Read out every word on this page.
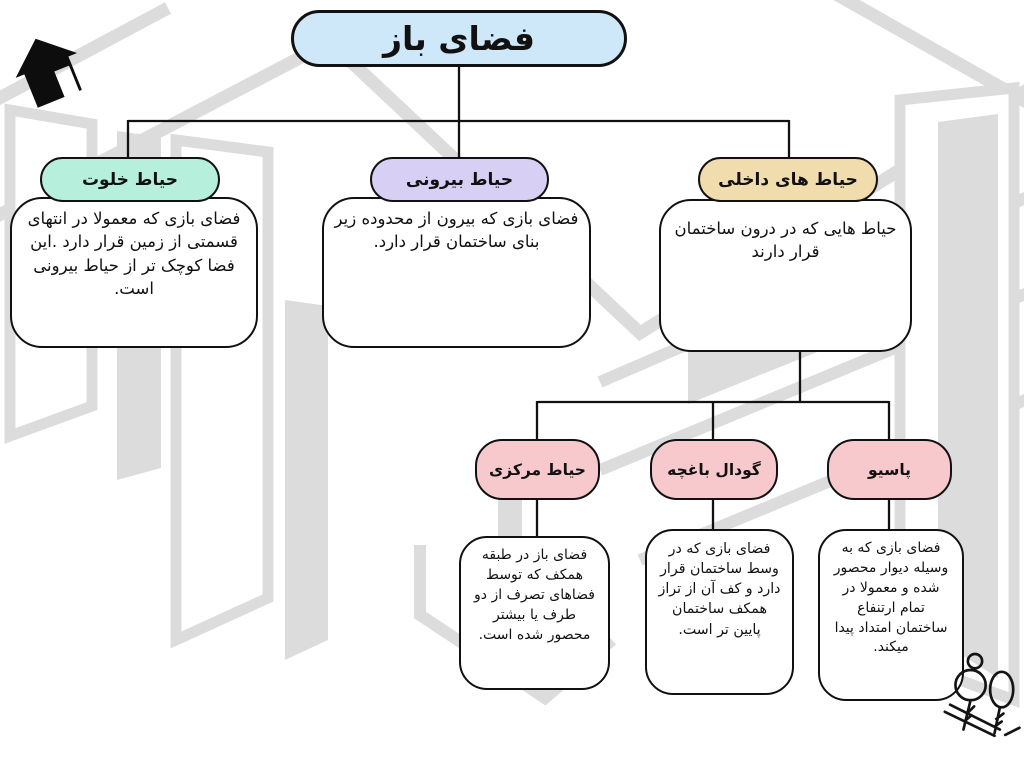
فضای باز
حیاط خلوت	حیاط بیرونی	حیاط های داخلی
فضای بازی که معمولا در انتهای قسمتی از زمین قرار دارد .این فضا کوچک تر از حیاط بیرونی است.
فضای بازی که بیرون از محدوده زیر بنای ساختمان قرار دارد.
حیاط هایی که در درون ساختمان قرار دارند
حیاط مرکزی	گودال باغچه	پاسیو
فضای باز در طبقه همکف که توسط فضاهای تصرف از دو طرف یا بیشتر محصور شده است.
فضای بازی که در وسط ساختمان قرار دارد و کف آن از تراز همکف ساختمان پایین تر است.
فضای بازی که به وسیله دیوار محصور شده و معمولا در تمام ارتنفاع ساختمان امتداد پیدا میکند.
